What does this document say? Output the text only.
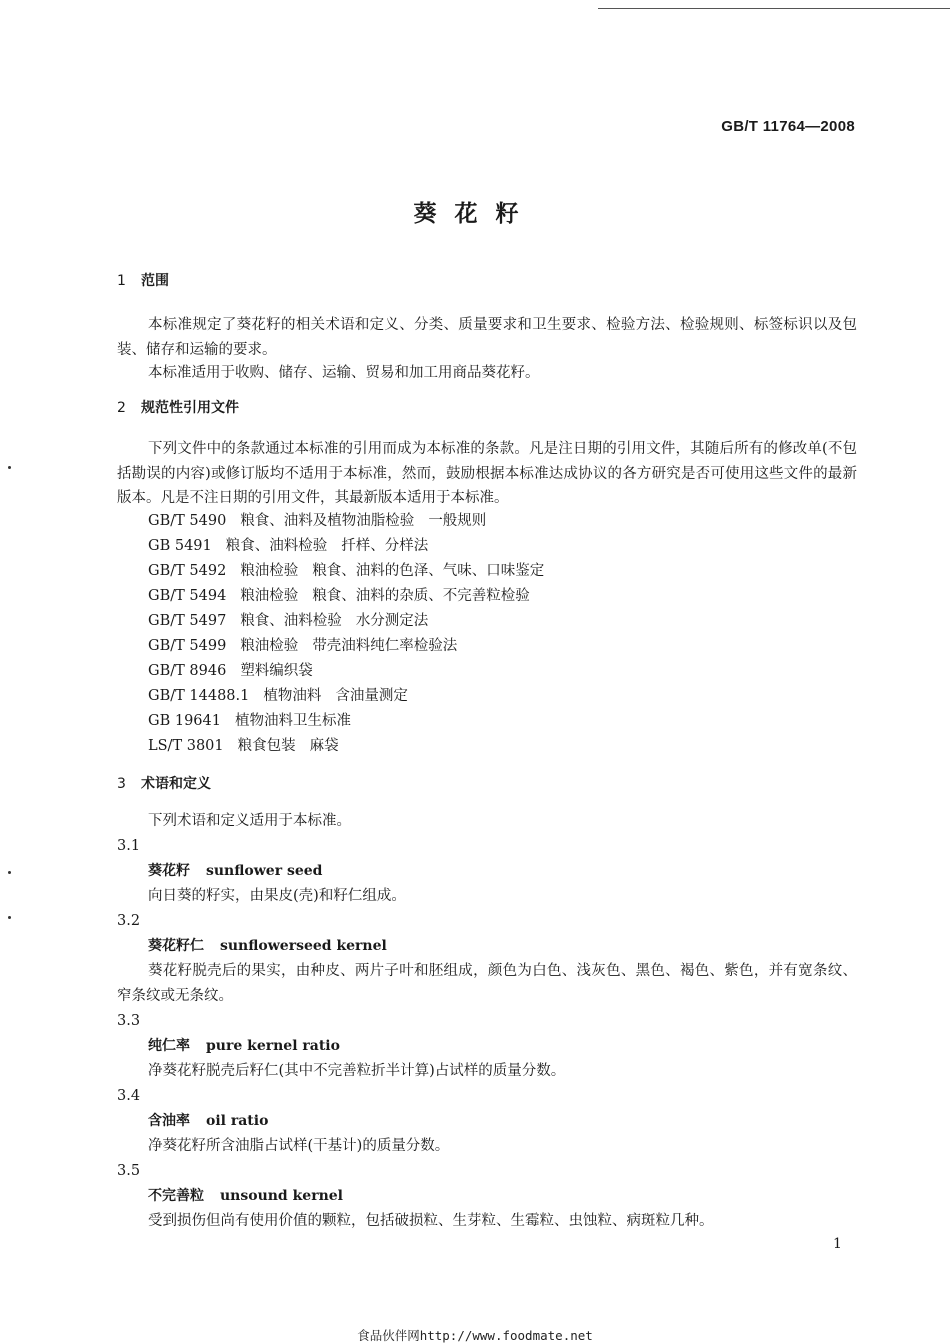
GB/T 11764—2008
葵花籽
1 范围
本标准规定了葵花籽的相关术语和定义、分类、质量要求和卫生要求、检验方法、检验规则、标签标识以及包装、储存和运输的要求。
本标准适用于收购、储存、运输、贸易和加工用商品葵花籽。
2 规范性引用文件
下列文件中的条款通过本标准的引用而成为本标准的条款。凡是注日期的引用文件，其随后所有的修改单(不包括勘误的内容)或修订版均不适用于本标准，然而，鼓励根据本标准达成协议的各方研究是否可使用这些文件的最新版本。凡是不注日期的引用文件，其最新版本适用于本标准。
GB/T 5490 粮食、油料及植物油脂检验 一般规则
GB 5491 粮食、油料检验 扦样、分样法
GB/T 5492 粮油检验 粮食、油料的色泽、气味、口味鉴定
GB/T 5494 粮油检验 粮食、油料的杂质、不完善粒检验
GB/T 5497 粮食、油料检验 水分测定法
GB/T 5499 粮油检验 带壳油料纯仁率检验法
GB/T 8946 塑料编织袋
GB/T 14488.1 植物油料 含油量测定
GB 19641 植物油料卫生标准
LS/T 3801 粮食包装 麻袋
3 术语和定义
下列术语和定义适用于本标准。
3.1
葵花籽 sunflower seed
向日葵的籽实，由果皮(壳)和籽仁组成。
3.2
葵花籽仁 sunflowerseed kernel
葵花籽脱壳后的果实，由种皮、两片子叶和胚组成，颜色为白色、浅灰色、黑色、褐色、紫色，并有宽条纹、窄条纹或无条纹。
3.3
纯仁率 pure kernel ratio
净葵花籽脱壳后籽仁(其中不完善粒折半计算)占试样的质量分数。
3.4
含油率 oil ratio
净葵花籽所含油脂占试样(干基计)的质量分数。
3.5
不完善粒 unsound kernel
受到损伤但尚有使用价值的颗粒，包括破损粒、生芽粒、生霉粒、虫蚀粒、病斑粒几种。
1
食品伙伴网http://www.foodmate.net
